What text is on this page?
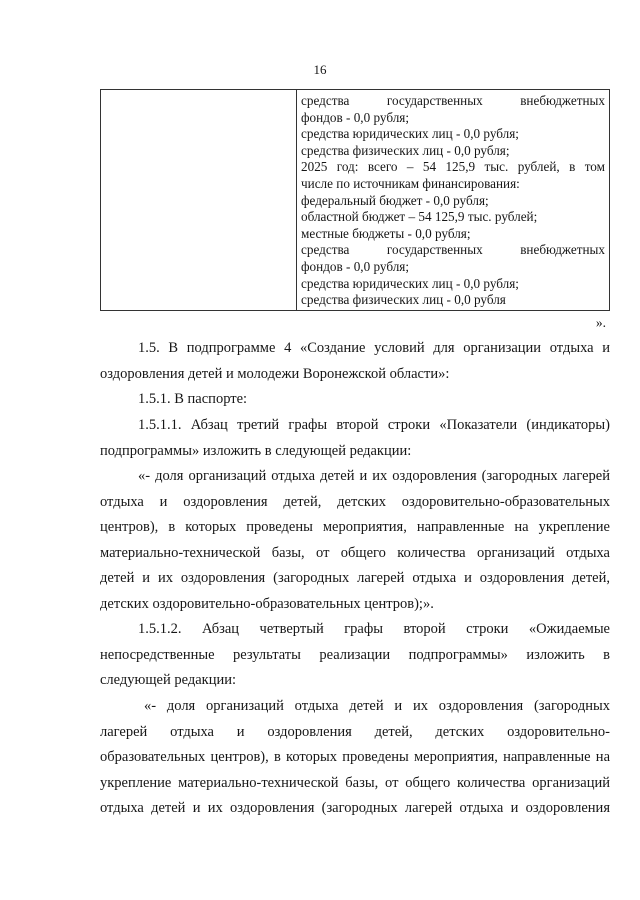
16
средства государственных внебюджетных
фондов - 0,0 рубля;
средства юридических лиц - 0,0 рубля;
средства физических лиц - 0,0 рубля;
2025 год: всего – 54 125,9 тыс. рублей, в том
числе по источникам финансирования:
федеральный бюджет - 0,0 рубля;
областной бюджет – 54 125,9 тыс. рублей;
местные бюджеты - 0,0 рубля;
средства государственных внебюджетных
фондов - 0,0 рубля;
средства юридических лиц - 0,0 рубля;
средства физических лиц - 0,0 рубля
».
1.5. В подпрограмме 4 «Создание условий для организации отдыха и
оздоровления детей и молодежи Воронежской области»:
1.5.1. В паспорте:
1.5.1.1. Абзац третий графы второй строки «Показатели (индикаторы)
подпрограммы» изложить в следующей редакции:
«- доля организаций отдыха детей и их оздоровления (загородных лагерей
отдыха и оздоровления детей, детских оздоровительно-образовательных
центров), в которых проведены мероприятия, направленные на укрепление
материально-технической базы, от общего количества организаций отдыха
детей и их оздоровления (загородных лагерей отдыха и оздоровления детей,
детских оздоровительно-образовательных центров);».
1.5.1.2. Абзац четвертый графы второй строки «Ожидаемые
непосредственные результаты реализации подпрограммы» изложить в
следующей редакции:
«- доля организаций отдыха детей и их оздоровления (загородных
лагерей отдыха и оздоровления детей, детских оздоровительно-
образовательных центров), в которых проведены мероприятия, направленные на
укрепление материально-технической базы, от общего количества организаций
отдыха детей и их оздоровления (загородных лагерей отдыха и оздоровления
